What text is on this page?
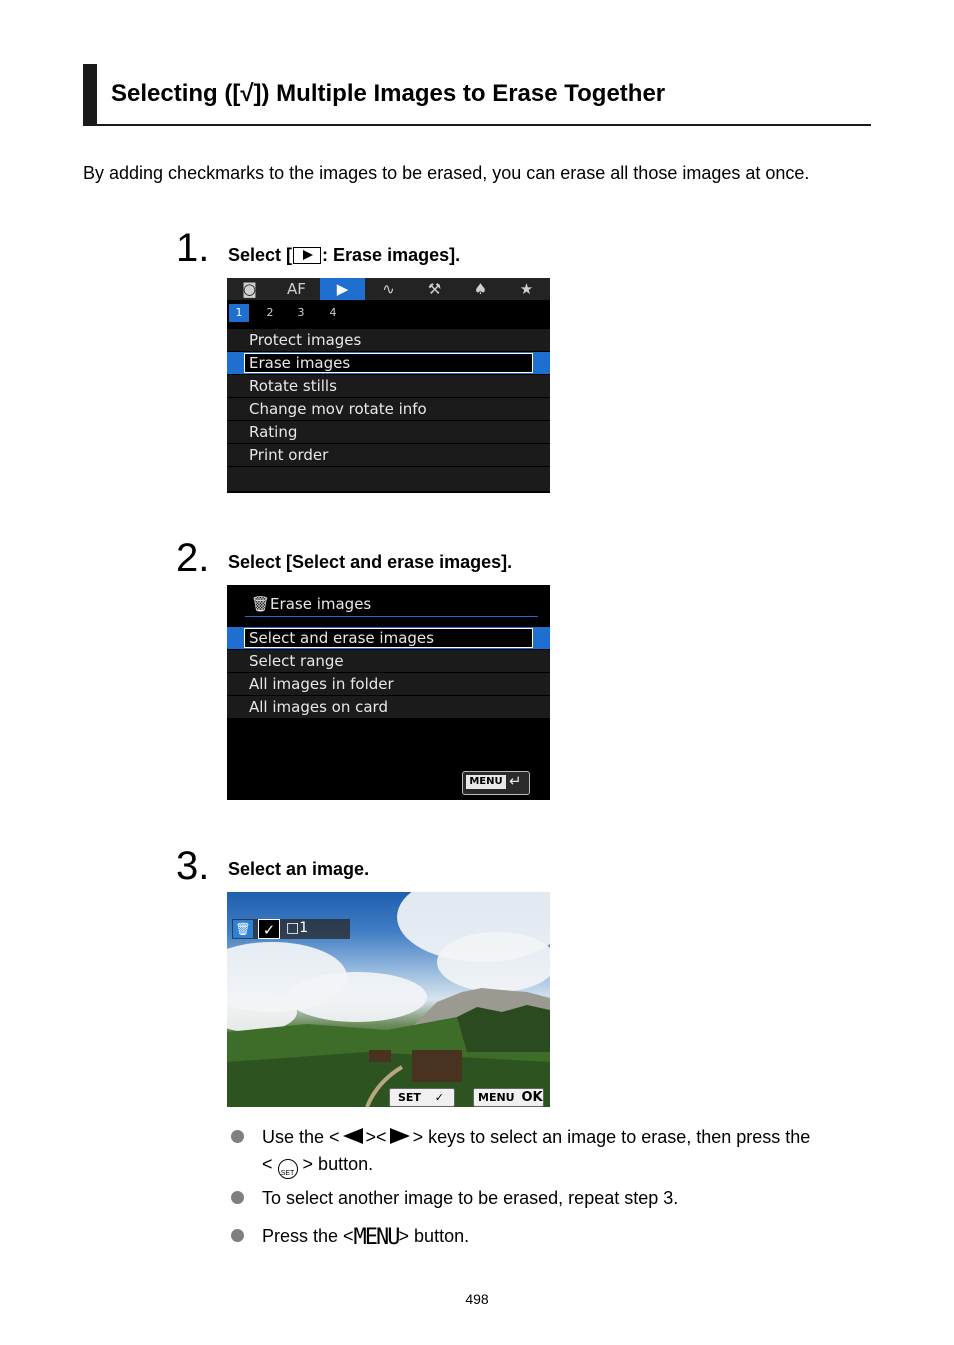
Selecting ([√]) Multiple Images to Erase Together
By adding checkmarks to the images to be erased, you can erase all those images at once.
1. Select [ : Erase images].
◙	AF	▶	∿	⚒	♠	★
1	2	3	4
Protect images
Erase images
Rotate stills
Change mov rotate info
Rating
Print order
2. Select [Select and erase images].
🗑Erase images
Select and erase images
Select range
All images in folder
All images on card
MENU ↵
3. Select an image.
🗑 ✓ □1
SET ✓	MENU OK
Use the < >< > keys to select an image to erase, then press the
< SET > button.
To select another image to be erased, repeat step 3.
Press the <MENU> button.
498
